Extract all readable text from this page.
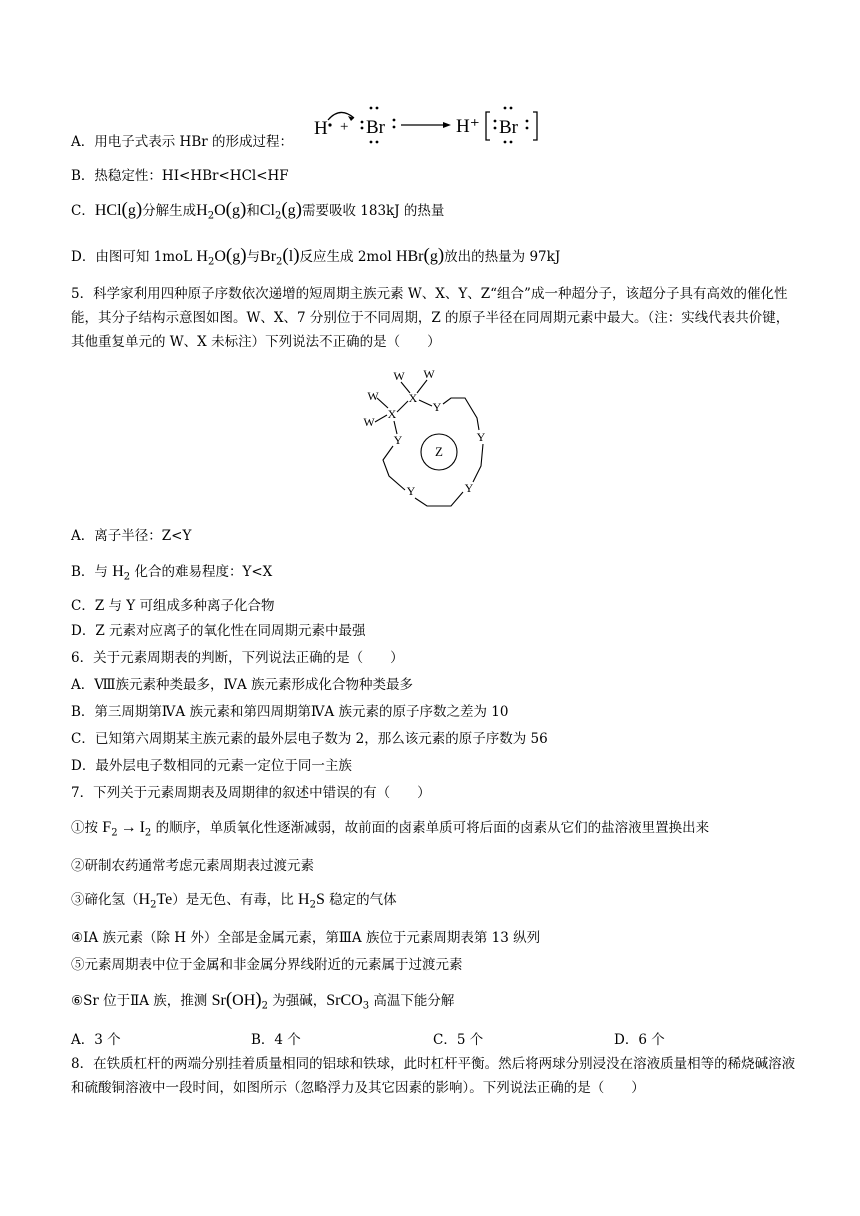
A．用电子式表示 HBr 的形成过程：
H + Br	H⁺ Br
B．热稳定性：HI<HBr<HCl<HF
C．HCl(g)分解生成$H_2O(g)$和$Cl_2(g)$需要吸收 183kJ 的热量
D．由图可知 1moL $H_2O(g)$与$Br_2(l)$反应生成 2mol HBr(g)放出的热量为 97kJ
5．科学家利用四种原子序数依次递增的短周期主族元素 W、X、Y、Z“组合”成一种超分子，该超分子具有高效的催化性能，其分子结构示意图如图。W、X、7 分别位于不同周期，Z 的原子半径在同周期元素中最大。（注：实线代表共价键，其他重复单元的 W、X 未标注）下列说法不正确的是（　　）
W W
W
W
X
X	Y
Y	Y
Y	Y
Z
A．离子半径：Z<Y
B．与 $H_2$ 化合的难易程度：Y<X
C．Z 与 Y 可组成多种离子化合物
D．Z 元素对应离子的氧化性在同周期元素中最强
6．关于元素周期表的判断，下列说法正确的是（　　）
A．Ⅷ族元素种类最多，ⅣA 族元素形成化合物种类最多
B．第三周期第ⅣA 族元素和第四周期第ⅣA 族元素的原子序数之差为 10
C．已知第六周期某主族元素的最外层电子数为 2，那么该元素的原子序数为 56
D．最外层电子数相同的元素一定位于同一主族
7．下列关于元素周期表及周期律的叙述中错误的有（　　）
①按 $F_2 \to I_2$ 的顺序，单质氧化性逐渐减弱，故前面的卤素单质可将后面的卤素从它们的盐溶液里置换出来
②研制农药通常考虑元素周期表过渡元素
③碲化氢$(H_2Te)$是无色、有毒，比 $H_2S$ 稳定的气体
④ⅠA 族元素（除 H 外）全部是金属元素，第ⅢA 族位于元素周期表第 13 纵列
⑤元素周期表中位于金属和非金属分界线附近的元素属于过渡元素
⑥Sr 位于ⅡA 族，推测 $Sr(OH)_2$ 为强碱，SrCO$_3$ 高温下能分解
A．3 个	B．4 个	C．5 个	D．6 个
8．在铁质杠杆的两端分别挂着质量相同的铝球和铁球，此时杠杆平衡。然后将两球分别浸没在溶液质量相等的稀烧碱溶液和硫酸铜溶液中一段时间，如图所示（忽略浮力及其它因素的影响）。下列说法正确的是（　　）
